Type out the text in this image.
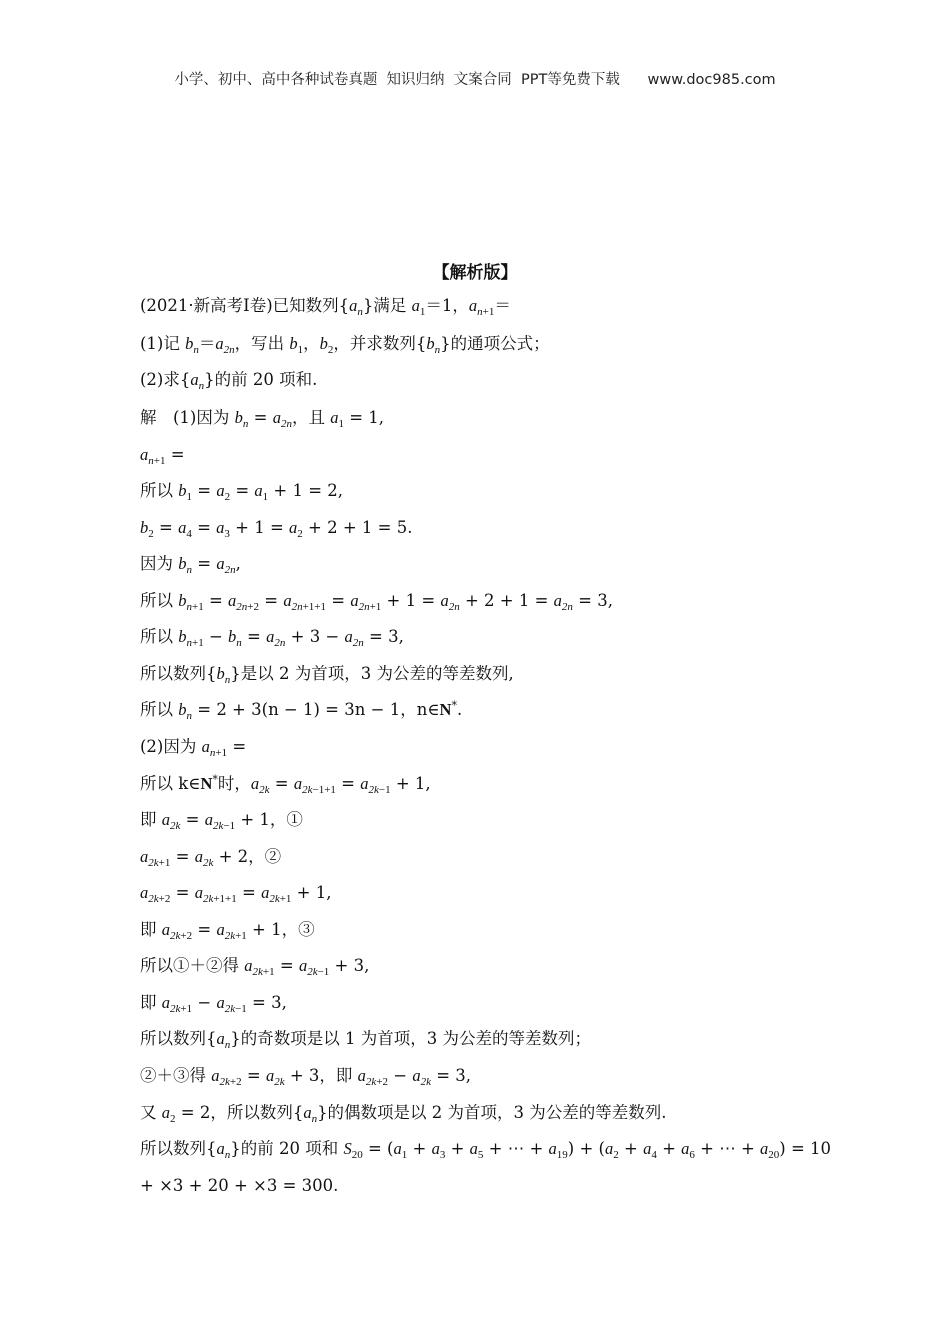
小学、初中、高中各种试卷真题  知识归纳  文案合同  PPT等免费下载      www.doc985.com
【解析版】
(2021·新高考Ⅰ卷)已知数列$\{a_n\}$满足 $a_1=1$，$a_{n+1}=$
(1)记 $b_n=a_{2n}$，写出 $b_1$，$b_2$，并求数列$\{b_n\}$的通项公式；
(2)求$\{a_n\}$的前 20 项和.
解　(1)因为 $b_n = a_{2n}$，且 $a_1 = 1$,
$a_{n+1}$ =
所以 $b_1 = a_2 = a_1 + 1 = 2$,
$b_2 = a_4 = a_3 + 1 = a_2 + 2 + 1 = 5$.
因为 $b_n = a_{2n}$,
所以 $b_{n+1} = a_{2n+2} = a_{2n+1+1} = a_{2n+1} + 1 = a_{2n} + 2 + 1 = a_{2n} = 3$,
所以 $b_{n+1} - b_n = a_{2n} + 3 - a_{2n} = 3$,
所以数列$\{b_n\}$是以 2 为首项，3 为公差的等差数列,
所以 $b_n = 2 + 3(n - 1) = 3n - 1$，n∈N*.
(2)因为 $a_{n+1}$ =
所以 k∈N*时，$a_{2k} = a_{2k-1+1} = a_{2k-1} + 1$,
即 $a_{2k} = a_{2k-1} + 1$，①
$a_{2k+1} = a_{2k} + 2$，②
$a_{2k+2} = a_{2k+1+1} = a_{2k+1} + 1$,
即 $a_{2k+2} = a_{2k+1} + 1$，③
所以①＋②得 $a_{2k+1} = a_{2k-1} + 3$,
即 $a_{2k+1} - a_{2k-1} = 3$,
所以数列$\{a_n\}$的奇数项是以 1 为首项，3 为公差的等差数列；
②＋③得 $a_{2k+2} = a_{2k} + 3$，即 $a_{2k+2} - a_{2k} = 3$,
又 $a_2 = 2$，所以数列$\{a_n\}$的偶数项是以 2 为首项，3 为公差的等差数列.
所以数列$\{a_n\}$的前 20 项和 $S_{20} = (a_1 + a_3 + a_5$ + ⋯ + $a_{19}) + (a_2 + a_4 + a_6$ + ⋯ + $a_{20}) = 10$
+ ×3 + 20 + ×3 = 300.
